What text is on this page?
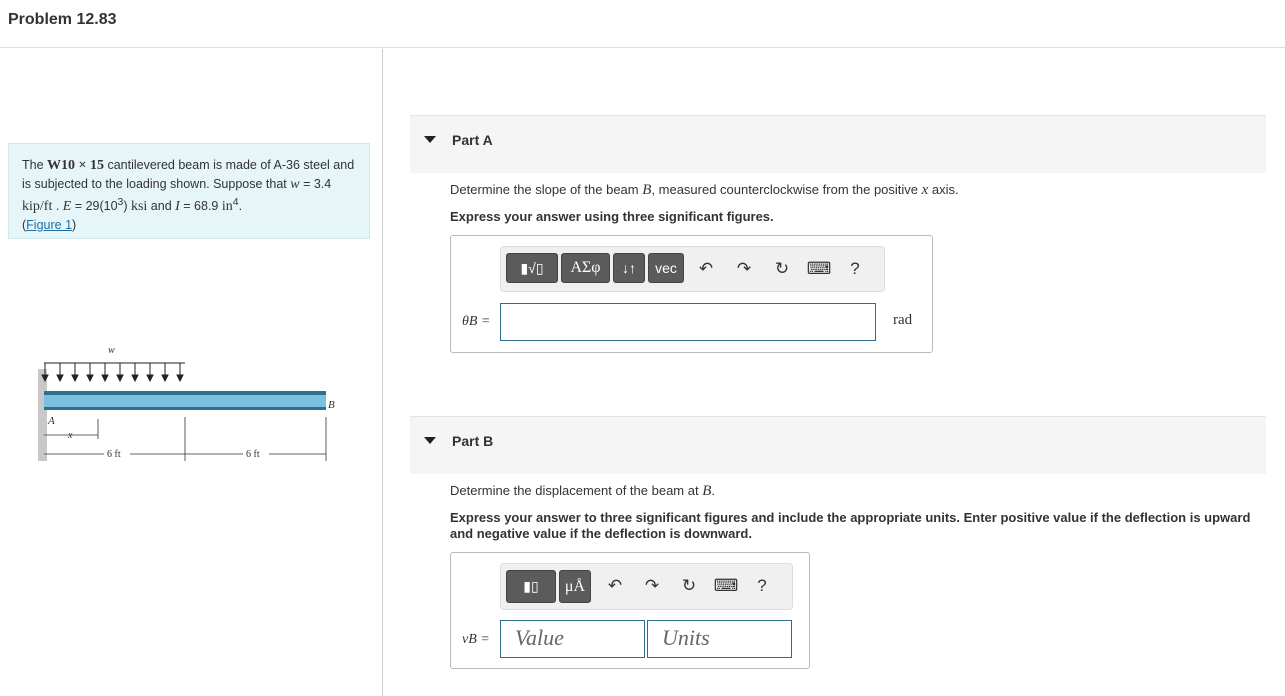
Problem 12.83
The W10 × 15 cantilevered beam is made of A-36 steel and is subjected to the loading shown. Suppose that w = 3.4 kip/ft . $E = 29(10^3)$ ksi and I = 68.9 $in^4$.
(Figure 1)
w
B
A
x
6 ft	6 ft
Part A
Determine the slope of the beam B, measured counterclockwise from the positive x axis.
Express your answer using three significant figures.
▮√▯	ΑΣφ	↓↑	vec	↶ ↷ ↻ ⌨ ?
θB =	rad
Part B
Determine the displacement of the beam at B.
Express your answer to three significant figures and include the appropriate units. Enter positive value if the deflection is upward and negative value if the deflection is downward.
▮▯	μÅ	↶ ↷ ↻ ⌨ ?
vB =	Value	Units
